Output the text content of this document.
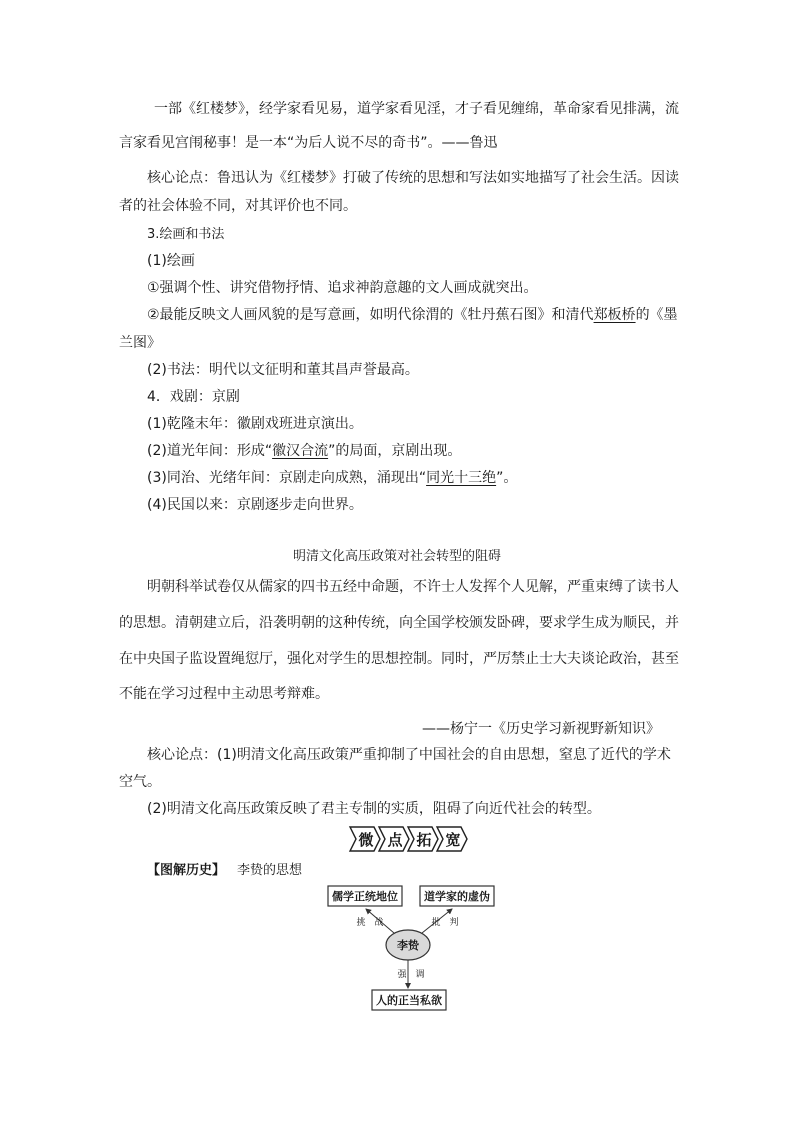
一部《红楼梦》，经学家看见易，道学家看见淫，才子看见缠绵，革命家看见排满，流
言家看见宫闱秘事！是一本“为后人说不尽的奇书”。——鲁迅
核心论点：鲁迅认为《红楼梦》打破了传统的思想和写法如实地描写了社会生活。因读
者的社会体验不同，对其评价也不同。
3.绘画和书法
(1)绘画
①强调个性、讲究借物抒情、追求神韵意趣的文人画成就突出。
②最能反映文人画风貌的是写意画，如明代徐渭的《牡丹蕉石图》和清代郑板桥的《墨
兰图》
(2)书法：明代以文征明和董其昌声誉最高。
4．戏剧：京剧
(1)乾隆末年：徽剧戏班进京演出。
(2)道光年间：形成“徽汉合流”的局面，京剧出现。
(3)同治、光绪年间：京剧走向成熟，涌现出“同光十三绝”。
(4)民国以来：京剧逐步走向世界。
明清文化高压政策对社会转型的阻碍
明朝科举试卷仅从儒家的四书五经中命题，不许士人发挥个人见解，严重束缚了读书人
的思想。清朝建立后，沿袭明朝的这种传统，向全国学校颁发卧碑，要求学生成为顺民，并
在中央国子监设置绳愆厅，强化对学生的思想控制。同时，严厉禁止士大夫谈论政治，甚至
不能在学习过程中主动思考辩难。
——杨宁一《历史学习新视野新知识》
核心论点：(1)明清文化高压政策严重抑制了中国社会的自由思想，窒息了近代的学术
空气。
(2)明清文化高压政策反映了君主专制的实质，阻碍了向近代社会的转型。
微 点 拓 宽
【图解历史】 李贽的思想
儒学正统地位 道学家的虚伪
李贽
挑　战	批　判
强　调
人的正当私欲
